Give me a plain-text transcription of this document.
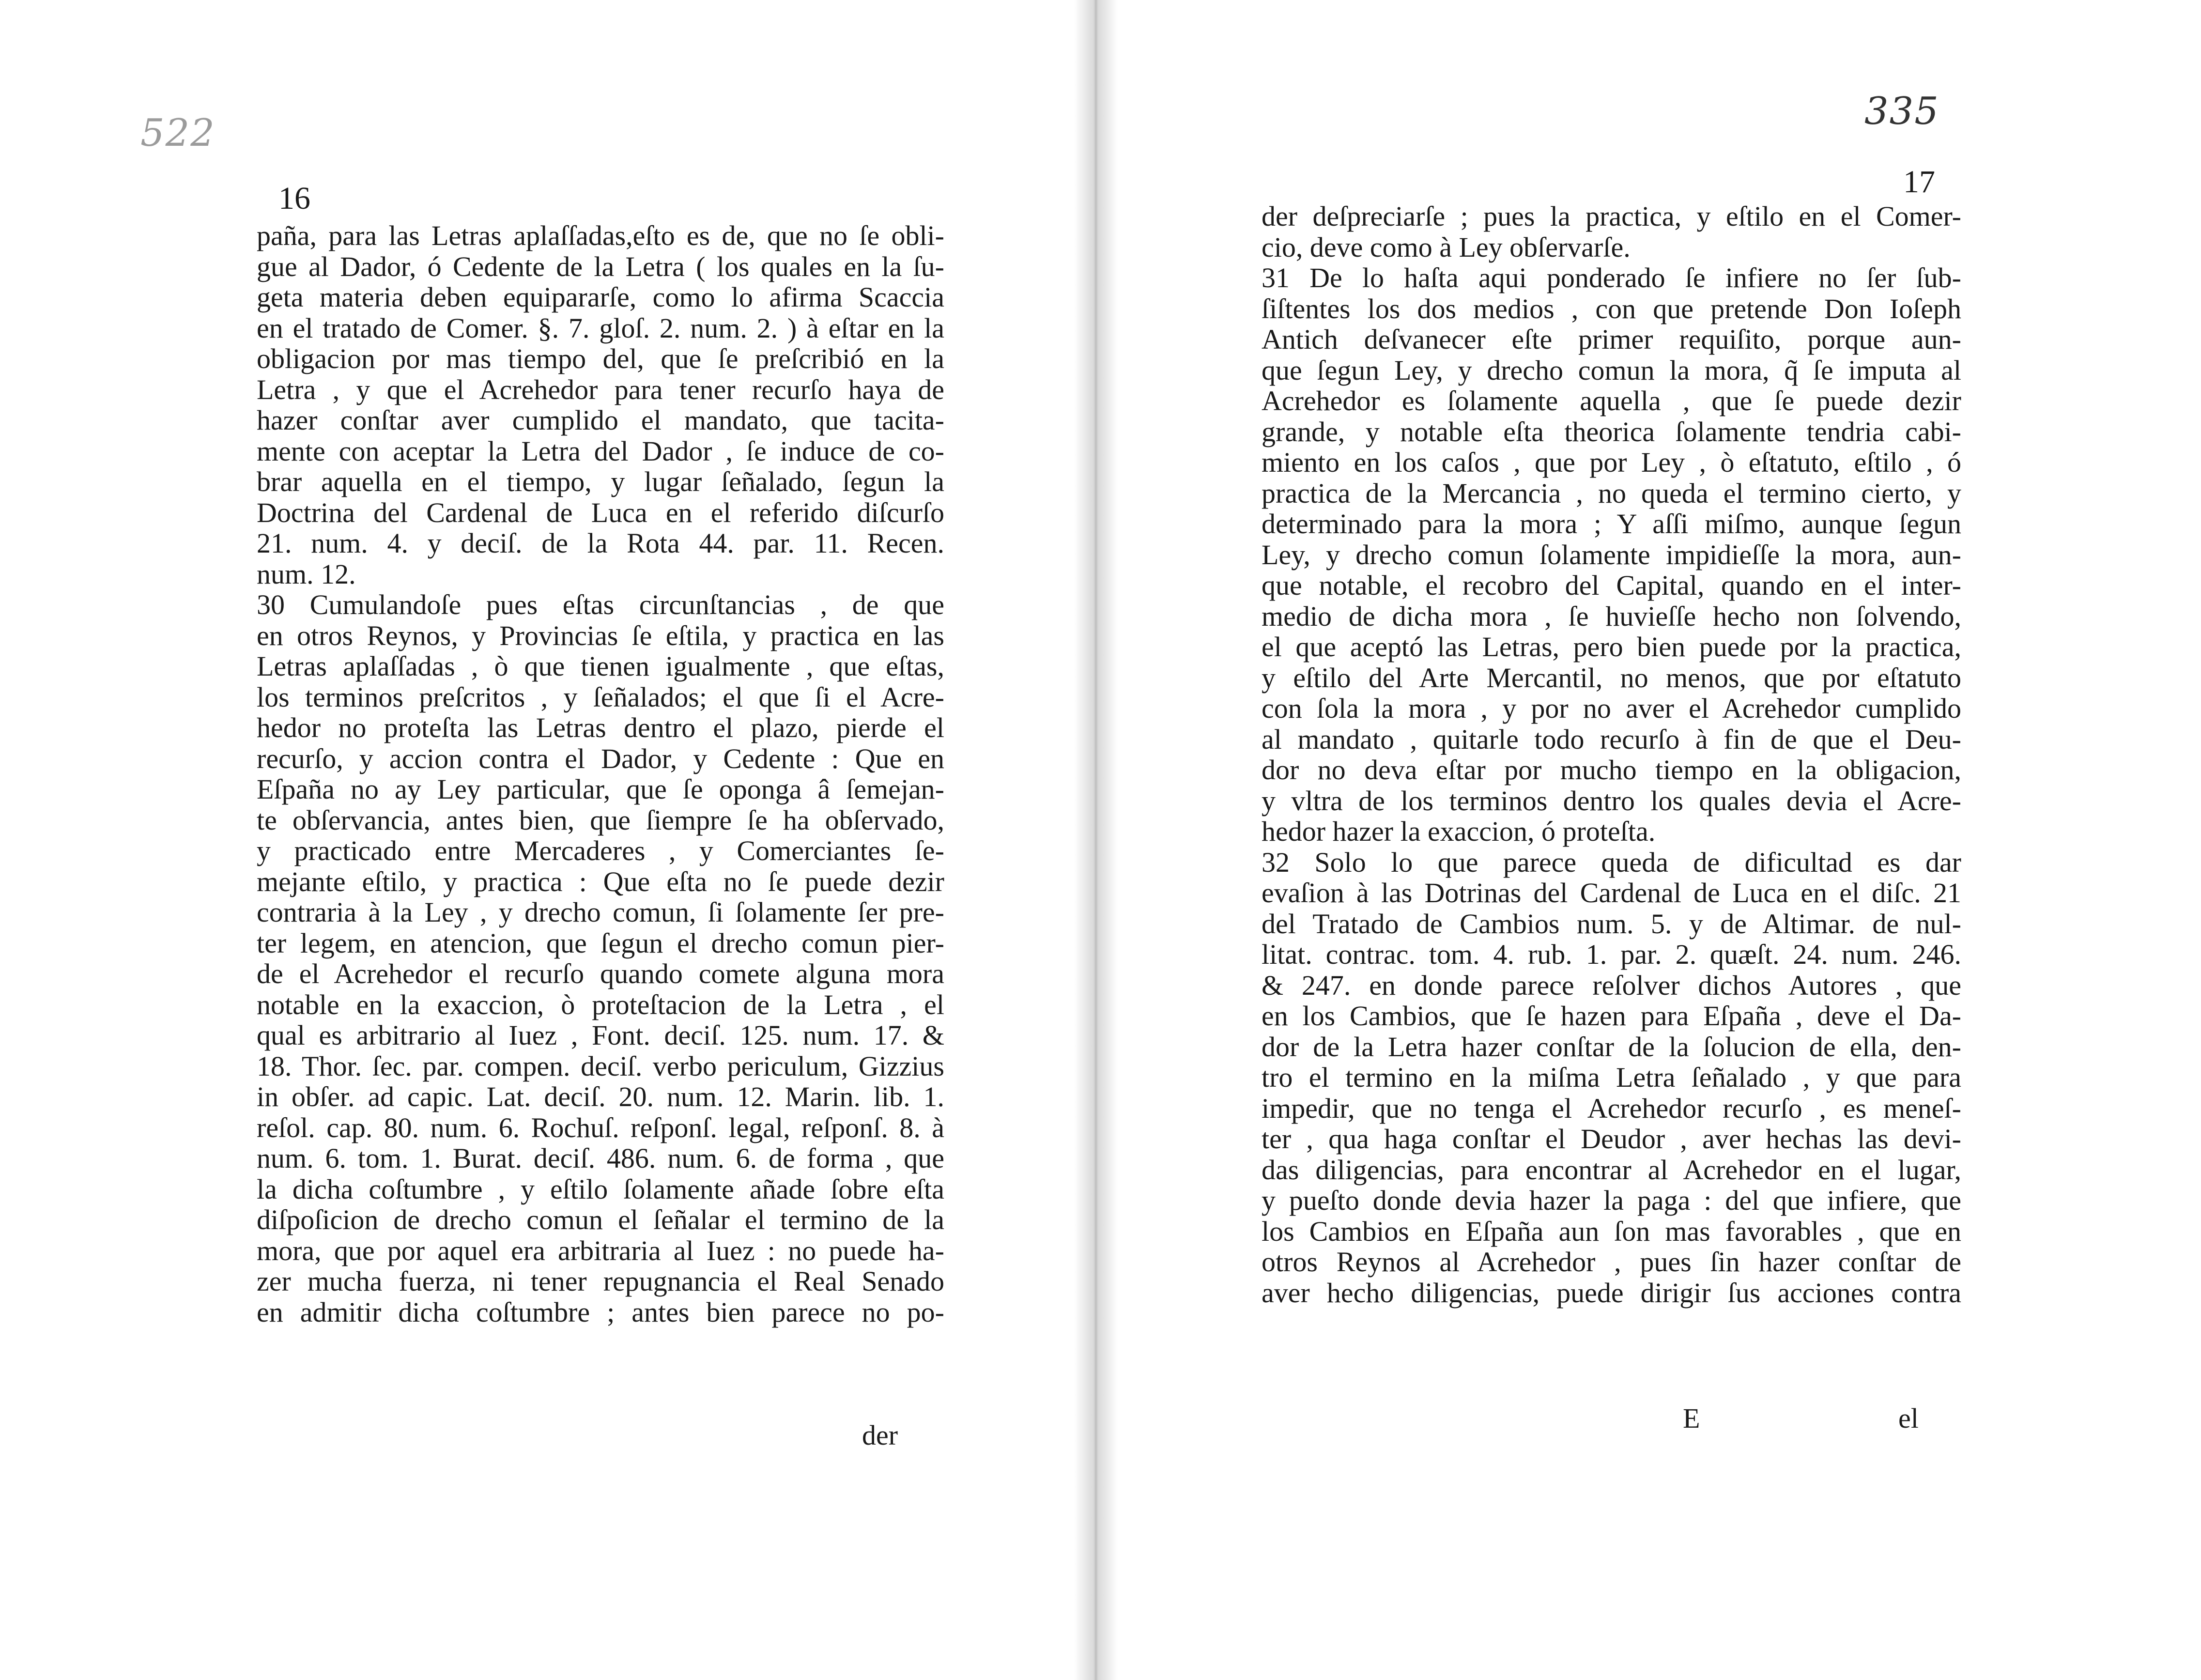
522	335
16	17
paña, para las Letras aplaſſadas,eſto es de, que no ſe obli-
gue al Dador, ó Cedente de la Letra ( los quales en la ſu-
geta materia deben equipararſe, como lo afirma Scaccia
en el tratado de Comer. §. 7. gloſ. 2. num. 2. ) à eſtar en la
obligacion por mas tiempo del, que ſe preſcribió en la
Letra , y que el Acrehedor para tener recurſo haya de
hazer conſtar aver cumplido el mandato, que tacita-
mente con aceptar la Letra del Dador , ſe induce de co-
brar aquella en el tiempo, y lugar ſeñalado, ſegun la
Doctrina del Cardenal de Luca en el referido diſcurſo
21. num. 4. y deciſ. de la Rota 44. par. 11. Recen.
num. 12.
30 Cumulandoſe pues eſtas circunſtancias , de que
en otros Reynos, y Provincias ſe eſtila, y practica en las
Letras aplaſſadas , ò que tienen igualmente , que eſtas,
los terminos preſcritos , y ſeñalados; el que ſi el Acre-
hedor no proteſta las Letras dentro el plazo, pierde el
recurſo, y accion contra el Dador, y Cedente : Que en
Eſpaña no ay Ley particular, que ſe oponga â ſemejan-
te obſervancia, antes bien, que ſiempre ſe ha obſervado,
y practicado entre Mercaderes , y Comerciantes ſe-
mejante eſtilo, y practica : Que eſta no ſe puede dezir
contraria à la Ley , y drecho comun, ſi ſolamente ſer pre-
ter legem, en atencion, que ſegun el drecho comun pier-
de el Acrehedor el recurſo quando comete alguna mora
notable en la exaccion, ò proteſtacion de la Letra , el
qual es arbitrario al Iuez , Font. deciſ. 125. num. 17. &
18. Thor. ſec. par. compen. deciſ. verbo periculum, Gizzius
in obſer. ad capic. Lat. deciſ. 20. num. 12. Marin. lib. 1.
reſol. cap. 80. num. 6. Rochuſ. reſponſ. legal, reſponſ. 8. à
num. 6. tom. 1. Burat. deciſ. 486. num. 6. de forma , que
la dicha coſtumbre , y eſtilo ſolamente añade ſobre eſta
diſpoſicion de drecho comun el ſeñalar el termino de la
mora, que por aquel era arbitraria al Iuez : no puede ha-
zer mucha fuerza, ni tener repugnancia el Real Senado
en admitir dicha coſtumbre ; antes bien parece no po-
der
der deſpreciarſe ; pues la practica, y eſtilo en el Comer-
cio, deve como à Ley obſervarſe.
31 De lo haſta aqui ponderado ſe infiere no ſer ſub-
ſiſtentes los dos medios , con que pretende Don Ioſeph
Antich deſvanecer eſte primer requiſito, porque aun-
que ſegun Ley, y drecho comun la mora, q̃ ſe imputa al
Acrehedor es ſolamente aquella , que ſe puede dezir
grande, y notable eſta theorica ſolamente tendria cabi-
miento en los caſos , que por Ley , ò eſtatuto, eſtilo , ó
practica de la Mercancia , no queda el termino cierto, y
determinado para la mora ; Y aſſi miſmo, aunque ſegun
Ley, y drecho comun ſolamente impidieſſe la mora, aun-
que notable, el recobro del Capital, quando en el inter-
medio de dicha mora , ſe huvieſſe hecho non ſolvendo,
el que aceptó las Letras, pero bien puede por la practica,
y eſtilo del Arte Mercantil, no menos, que por eſtatuto
con ſola la mora , y por no aver el Acrehedor cumplido
al mandato , quitarle todo recurſo à fin de que el Deu-
dor no deva eſtar por mucho tiempo en la obligacion,
y vltra de los terminos dentro los quales devia el Acre-
hedor hazer la exaccion, ó proteſta.
32 Solo lo que parece queda de dificultad es dar
evaſion à las Dotrinas del Cardenal de Luca en el diſc. 21
del Tratado de Cambios num. 5. y de Altimar. de nul-
litat. contrac. tom. 4. rub. 1. par. 2. quæſt. 24. num. 246.
& 247. en donde parece reſolver dichos Autores , que
en los Cambios, que ſe hazen para Eſpaña , deve el Da-
dor de la Letra hazer conſtar de la ſolucion de ella, den-
tro el termino en la miſma Letra ſeñalado , y que para
impedir, que no tenga el Acrehedor recurſo , es meneſ-
ter , qua haga conſtar el Deudor , aver hechas las devi-
das diligencias, para encontrar al Acrehedor en el lugar,
y pueſto donde devia hazer la paga : del que infiere, que
los Cambios en Eſpaña aun ſon mas favorables , que en
otros Reynos al Acrehedor , pues ſin hazer conſtar de
aver hecho diligencias, puede dirigir ſus acciones contra
E	el
